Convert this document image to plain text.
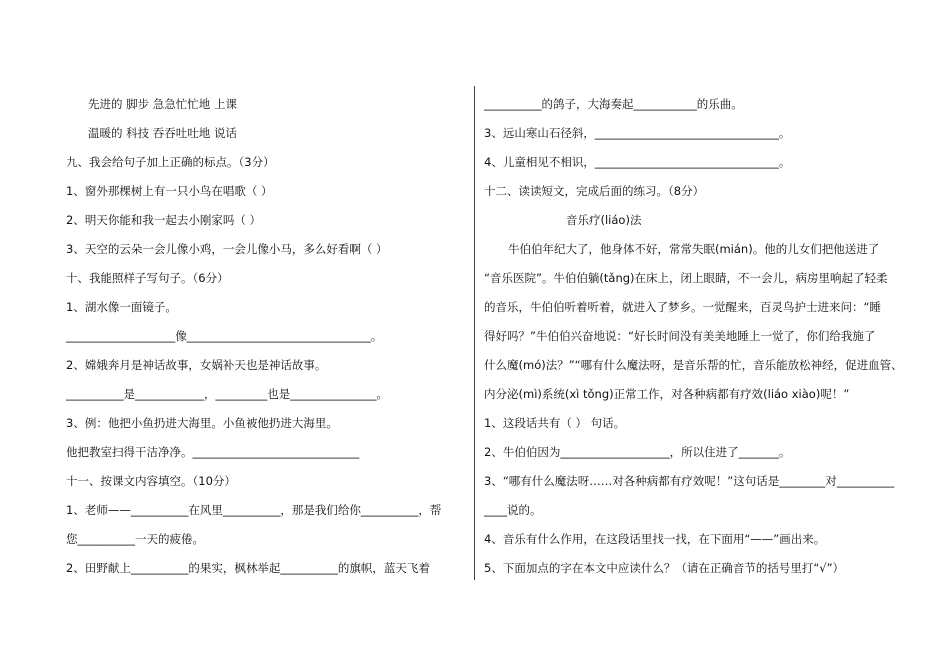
先进的 脚步 急急忙忙地 上课
温暖的 科技 吞吞吐吐地 说话
九、我会给句子加上正确的标点。（3分）
1、窗外那棵树上有一只小鸟在唱歌（ ）
2、明天你能和我一起去小刚家吗（ ）
3、天空的云朵一会儿像小鸡，一会儿像小马，多么好看啊（ ）
十、我能照样子写句子。（6分）
1、湖水像一面镜子。
___________________像________________________________。
2、嫦娥奔月是神话故事，女娲补天也是神话故事。
__________是____________，_________也是_______________。
3、例：他把小鱼扔进大海里。小鱼被他扔进大海里。
他把教室扫得干洁净净。_____________________________
十一、按课文内容填空。（10分）
1、老师——__________在风里__________，那是我们给你__________，帮
您__________一天的疲倦。
2、田野献上__________的果实，枫林举起__________的旗帜，蓝天飞着
__________的鸽子，大海奏起___________的乐曲。
3、远山寒山石径斜，________________________________。
4、儿童相见不相识，________________________________。
十二、读读短文，完成后面的练习。（8分）
音乐疗(liáo)法
牛伯伯年纪大了，他身体不好，常常失眠(mián)。他的儿女们把他送进了
“音乐医院”。牛伯伯躺(tǎng)在床上，闭上眼睛，不一会儿，病房里响起了轻柔
的音乐，牛伯伯听着听着，就进入了梦乡。一觉醒来，百灵鸟护士进来问：“睡
得好吗？”牛伯伯兴奋地说：“好长时间没有美美地睡上一觉了，你们给我施了
什么魔(mó)法？”“哪有什么魔法呀，是音乐帮的忙，音乐能放松神经，促进血管、
内分泌(mì)系统(xì tǒng)正常工作，对各种病都有疗效(liáo xiào)呢！”
1、这段话共有（ ） 句话。
2、牛伯伯因为___________________，所以住进了_______。
3、“哪有什么魔法呀……对各种病都有疗效呢！”这句话是________对__________
____说的。
4、音乐有什么作用，在这段话里找一找，在下面用“——”画出来。
5、下面加点的字在本文中应读什么？（请在正确音节的括号里打“√”）
